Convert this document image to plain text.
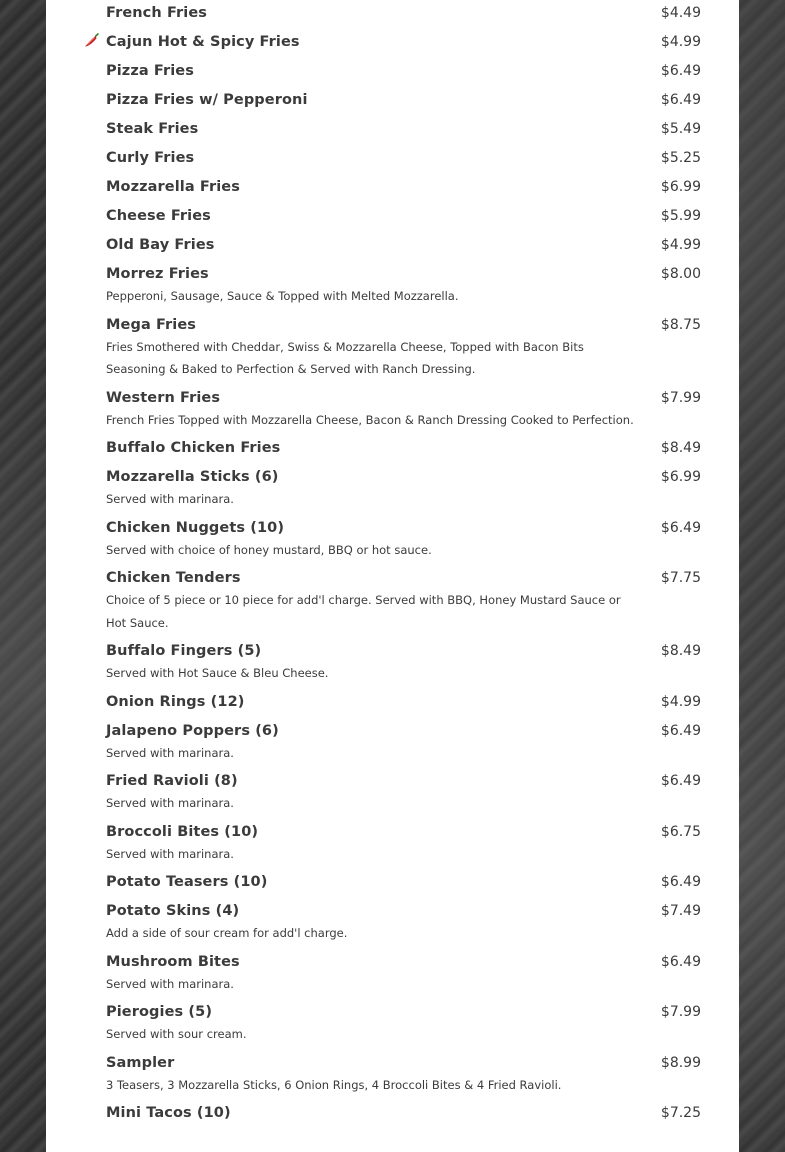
French Fries	$4.49
Cajun Hot & Spicy Fries	$4.99
Pizza Fries	$6.49
Pizza Fries w/ Pepperoni	$6.49
Steak Fries	$5.49
Curly Fries	$5.25
Mozzarella Fries	$6.99
Cheese Fries	$5.99
Old Bay Fries	$4.99
Morrez Fries	$8.00
Pepperoni, Sausage, Sauce & Topped with Melted Mozzarella.
Mega Fries	$8.75
Fries Smothered with Cheddar, Swiss & Mozzarella Cheese, Topped with Bacon Bits Seasoning & Baked to Perfection & Served with Ranch Dressing.
Western Fries	$7.99
French Fries Topped with Mozzarella Cheese, Bacon & Ranch Dressing Cooked to Perfection.
Buffalo Chicken Fries	$8.49
Mozzarella Sticks (6)	$6.99
Served with marinara.
Chicken Nuggets (10)	$6.49
Served with choice of honey mustard, BBQ or hot sauce.
Chicken Tenders	$7.75
Choice of 5 piece or 10 piece for add'l charge. Served with BBQ, Honey Mustard Sauce or Hot Sauce.
Buffalo Fingers (5)	$8.49
Served with Hot Sauce & Bleu Cheese.
Onion Rings (12)	$4.99
Jalapeno Poppers (6)	$6.49
Served with marinara.
Fried Ravioli (8)	$6.49
Served with marinara.
Broccoli Bites (10)	$6.75
Served with marinara.
Potato Teasers (10)	$6.49
Potato Skins (4)	$7.49
Add a side of sour cream for add'l charge.
Mushroom Bites	$6.49
Served with marinara.
Pierogies (5)	$7.99
Served with sour cream.
Sampler	$8.99
3 Teasers, 3 Mozzarella Sticks, 6 Onion Rings, 4 Broccoli Bites & 4 Fried Ravioli.
Mini Tacos (10)	$7.25
